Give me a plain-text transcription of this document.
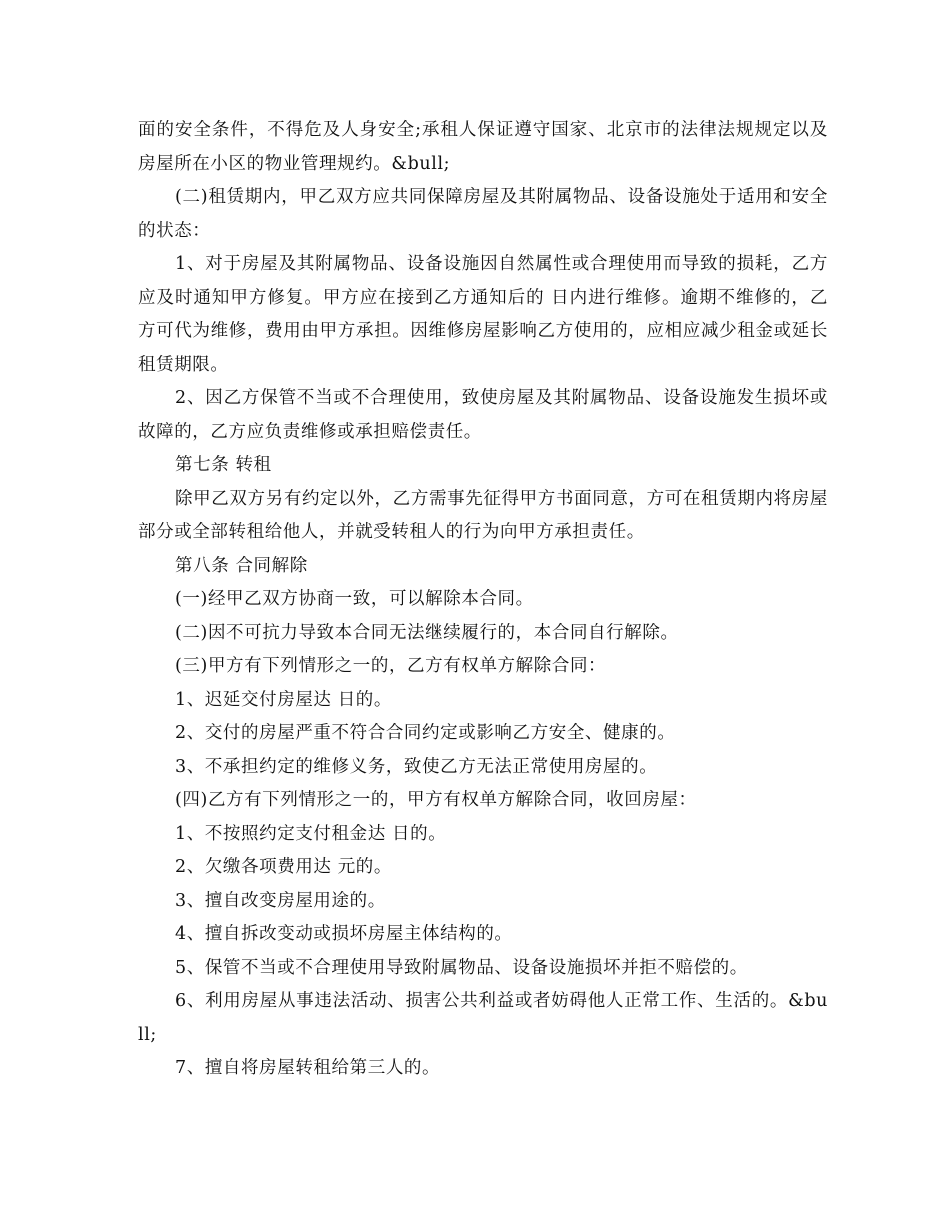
面的安全条件，不得危及人身安全;承租人保证遵守国家、北京市的法律法规规定以及房屋所在小区的物业管理规约。&bull;

(二)租赁期内，甲乙双方应共同保障房屋及其附属物品、设备设施处于适用和安全的状态：

1、对于房屋及其附属物品、设备设施因自然属性或合理使用而导致的损耗，乙方应及时通知甲方修复。甲方应在接到乙方通知后的 日内进行维修。逾期不维修的，乙方可代为维修，费用由甲方承担。因维修房屋影响乙方使用的，应相应减少租金或延长租赁期限。

2、因乙方保管不当或不合理使用，致使房屋及其附属物品、设备设施发生损坏或故障的，乙方应负责维修或承担赔偿责任。

第七条 转租

除甲乙双方另有约定以外，乙方需事先征得甲方书面同意，方可在租赁期内将房屋部分或全部转租给他人，并就受转租人的行为向甲方承担责任。

第八条 合同解除

(一)经甲乙双方协商一致，可以解除本合同。

(二)因不可抗力导致本合同无法继续履行的，本合同自行解除。

(三)甲方有下列情形之一的，乙方有权单方解除合同：

1、迟延交付房屋达 日的。

2、交付的房屋严重不符合合同约定或影响乙方安全、健康的。

3、不承担约定的维修义务，致使乙方无法正常使用房屋的。

(四)乙方有下列情形之一的，甲方有权单方解除合同，收回房屋：

1、不按照约定支付租金达 日的。

2、欠缴各项费用达 元的。

3、擅自改变房屋用途的。

4、擅自拆改变动或损坏房屋主体结构的。

5、保管不当或不合理使用导致附属物品、设备设施损坏并拒不赔偿的。

6、利用房屋从事违法活动、损害公共利益或者妨碍他人正常工作、生活的。&bull;

7、擅自将房屋转租给第三人的。
